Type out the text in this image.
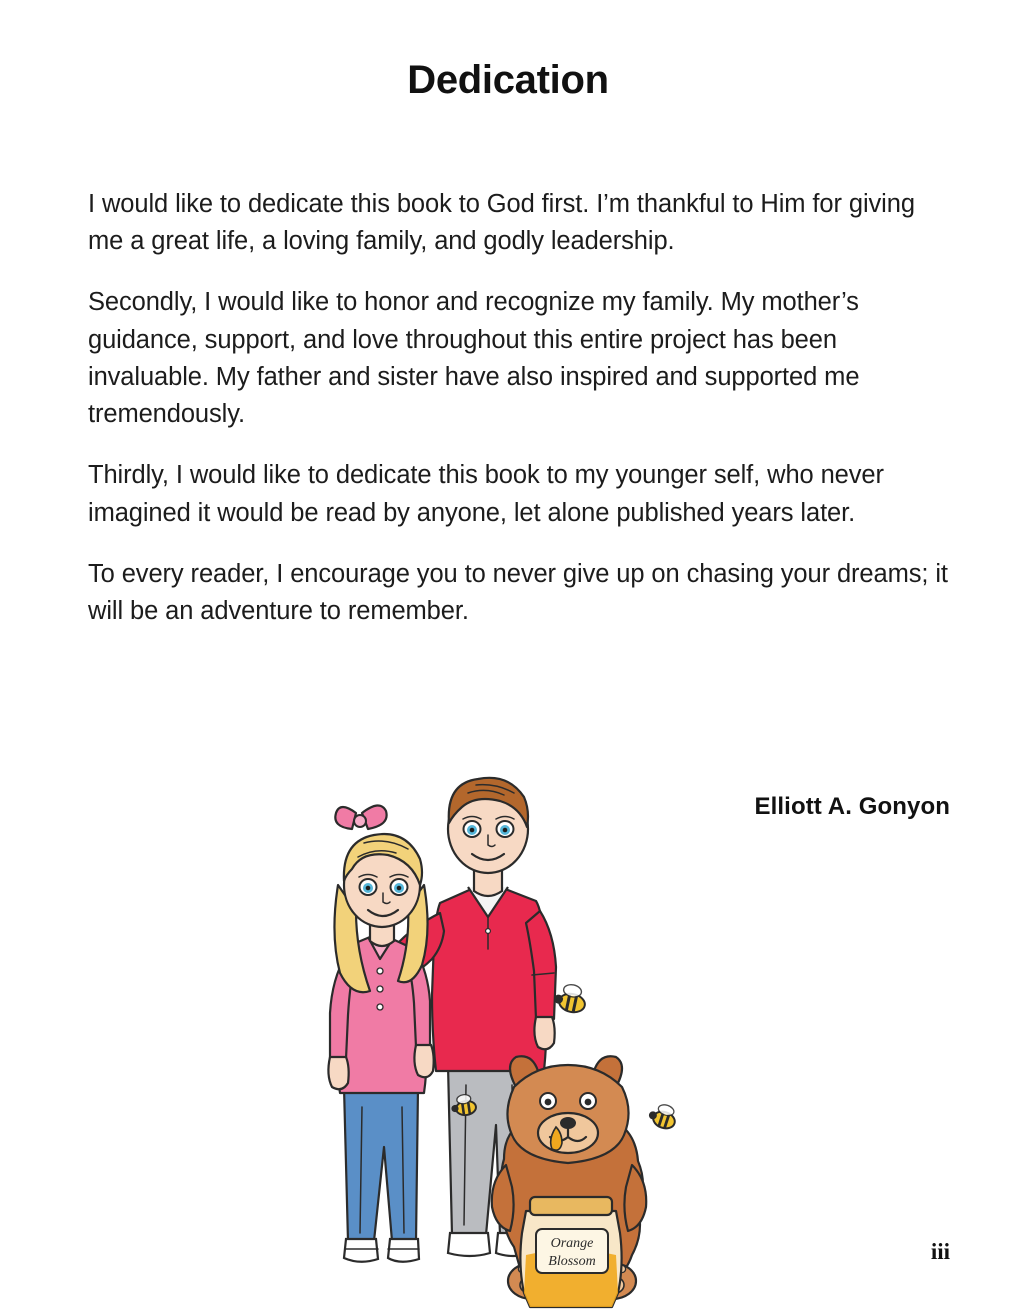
Dedication

I would like to dedicate this book to God first. I’m thankful to Him for giving me a great life, a loving family, and godly leadership.

Secondly, I would like to honor and recognize my family. My mother’s guidance, support, and love throughout this entire project has been invaluable. My father and sister have also inspired and supported me tremendously.

Thirdly, I would like to dedicate this book to my younger self, who never imagined it would be read by anyone, let alone published years later.

To every reader, I encourage you to never give up on chasing your dreams; it will be an adventure to remember.

Elliott A. Gonyon
Orange
Blossom	iii
